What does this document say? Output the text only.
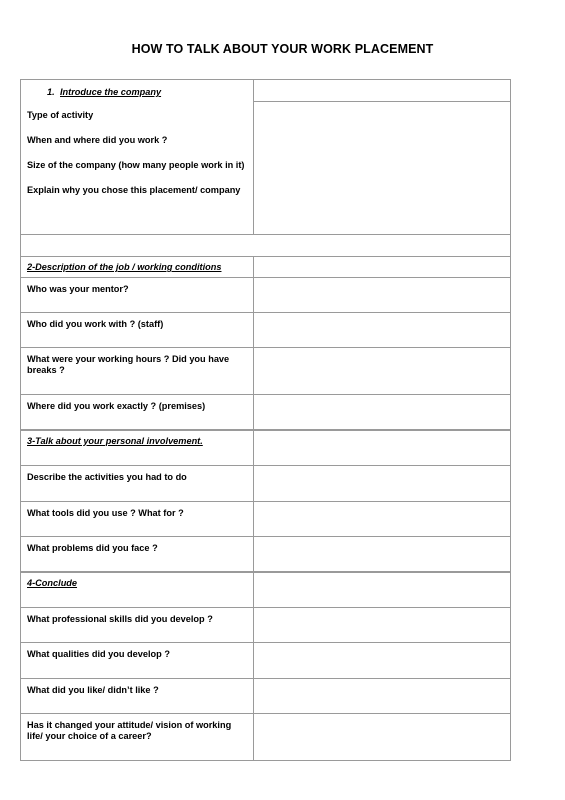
HOW TO TALK ABOUT YOUR WORK PLACEMENT
1. Introduce the company
Type of activity
When and where did you work ?
Size of the company (how many people work in it)
Explain why you chose this placement/ company	

2-Description of the job / working conditions	

Who was your mentor?	

Who did you work with ? (staff)	

What were your working hours ? Did you have breaks ?	

Where did you work exactly ? (premises)	

3-Talk about your personal involvement.	

Describe the activities you had to do	

What tools did you use ? What for ?	

What problems did you face ?	

4-Conclude	

What professional skills did you develop ?	

What qualities did you develop ?	

What did you like/ didn’t like ?	

Has it changed your attitude/ vision of working life/ your choice of a career?	
